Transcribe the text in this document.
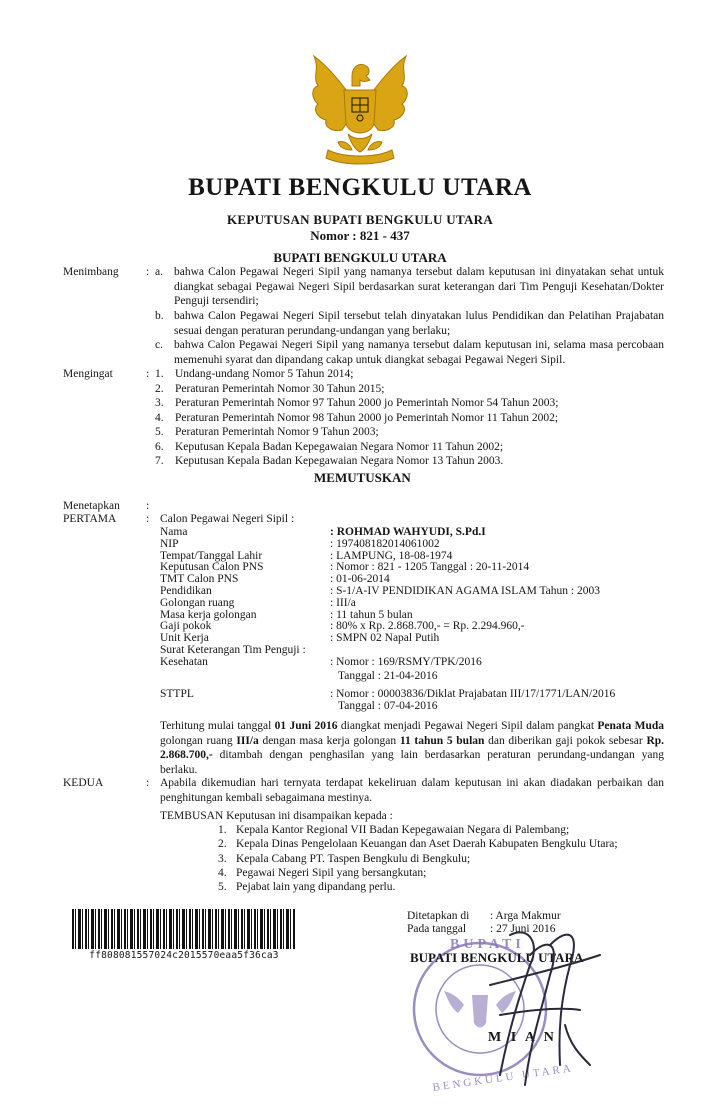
BUPATI BENGKULU UTARA
KEPUTUSAN BUPATI BENGKULU UTARA
Nomor : 821 - 437
BUPATI BENGKULU UTARA
Menimbang : a. bahwa Calon Pegawai Negeri Sipil yang namanya tersebut dalam keputusan ini dinyatakan sehat untuk diangkat sebagai Pegawai Negeri Sipil berdasarkan surat keterangan dari Tim Penguji Kesehatan/Dokter Penguji tersendiri;

b. bahwa Calon Pegawai Negeri Sipil tersebut telah dinyatakan lulus Pendidikan dan Pelatihan Prajabatan sesuai dengan peraturan perundang-undangan yang berlaku;

c. bahwa Calon Pegawai Negeri Sipil yang namanya tersebut dalam keputusan ini, selama masa percobaan memenuhi syarat dan dipandang cakap untuk diangkat sebagai Pegawai Negeri Sipil.

Mengingat	: 1. Undang-undang Nomor 5 Tahun 2014;
2. Peraturan Pemerintah Nomor 30 Tahun 2015;
3. Peraturan Pemerintah Nomor 97 Tahun 2000 jo Pemerintah Nomor 54 Tahun 2003;
4. Peraturan Pemerintah Nomor 98 Tahun 2000 jo Pemerintah Nomor 11 Tahun 2002;
5. Peraturan Pemerintah Nomor 9 Tahun 2003;
6. Keputusan Kepala Badan Kepegawaian Negara Nomor 11 Tahun 2002;
7. Keputusan Kepala Badan Kepegawaian Negara Nomor 13 Tahun 2003.
MEMUTUSKAN
Menetapkan :
PERTAMA	: Calon Pegawai Negeri Sipil :
Nama	: ROHMAD WAHYUDI, S.Pd.I
NIP	: 197408182014061002
Tempat/Tanggal Lahir	: LAMPUNG, 18-08-1974
Keputusan Calon PNS	: Nomor : 821 - 1205 Tanggal : 20-11-2014
TMT Calon PNS	: 01-06-2014
Pendidikan	: S-1/A-IV PENDIDIKAN AGAMA ISLAM Tahun : 2003
Golongan ruang	: III/a
Masa kerja golongan	: 11 tahun 5 bulan
Gaji pokok	: 80% x Rp. 2.868.700,- = Rp. 2.294.960,-
Unit Kerja	: SMPN 02 Napal Putih
Surat Keterangan Tim Penguji :
Kesehatan	: Nomor : 169/RSMY/TPK/2016
Tanggal : 21-04-2016
STTPL	: Nomor : 00003836/Diklat Prajabatan III/17/1771/LAN/2016
Tanggal : 07-04-2016

Terhitung mulai tanggal 01 Juni 2016 diangkat menjadi Pegawai Negeri Sipil dalam pangkat Penata Muda golongan ruang III/a dengan masa kerja golongan 11 tahun 5 bulan dan diberikan gaji pokok sebesar Rp. 2.868.700,- ditambah dengan penghasilan yang lain berdasarkan peraturan perundang-undangan yang berlaku.

KEDUA	: Apabila dikemudian hari ternyata terdapat kekeliruan dalam keputusan ini akan diadakan perbaikan dan penghitungan kembali sebagaimana mestinya.

TEMBUSAN Keputusan ini disampaikan kepada :
1. Kepala Kantor Regional VII Badan Kepegawaian Negara di Palembang;
2. Kepala Dinas Pengelolaan Keuangan dan Aset Daerah Kabupaten Bengkulu Utara;
3. Kepala Cabang PT. Taspen Bengkulu di Bengkulu;
4. Pegawai Negeri Sipil yang bersangkutan;
5. Pejabat lain yang dipandang perlu.
ff808081557024c2015570eaa5f36ca3
Ditetapkan di : Arga Makmur
Pada tanggal : 27 Juni 2016
BUPATI
BENGKULU UTARA
BUPATI BENGKULU UTARA
M I A N
